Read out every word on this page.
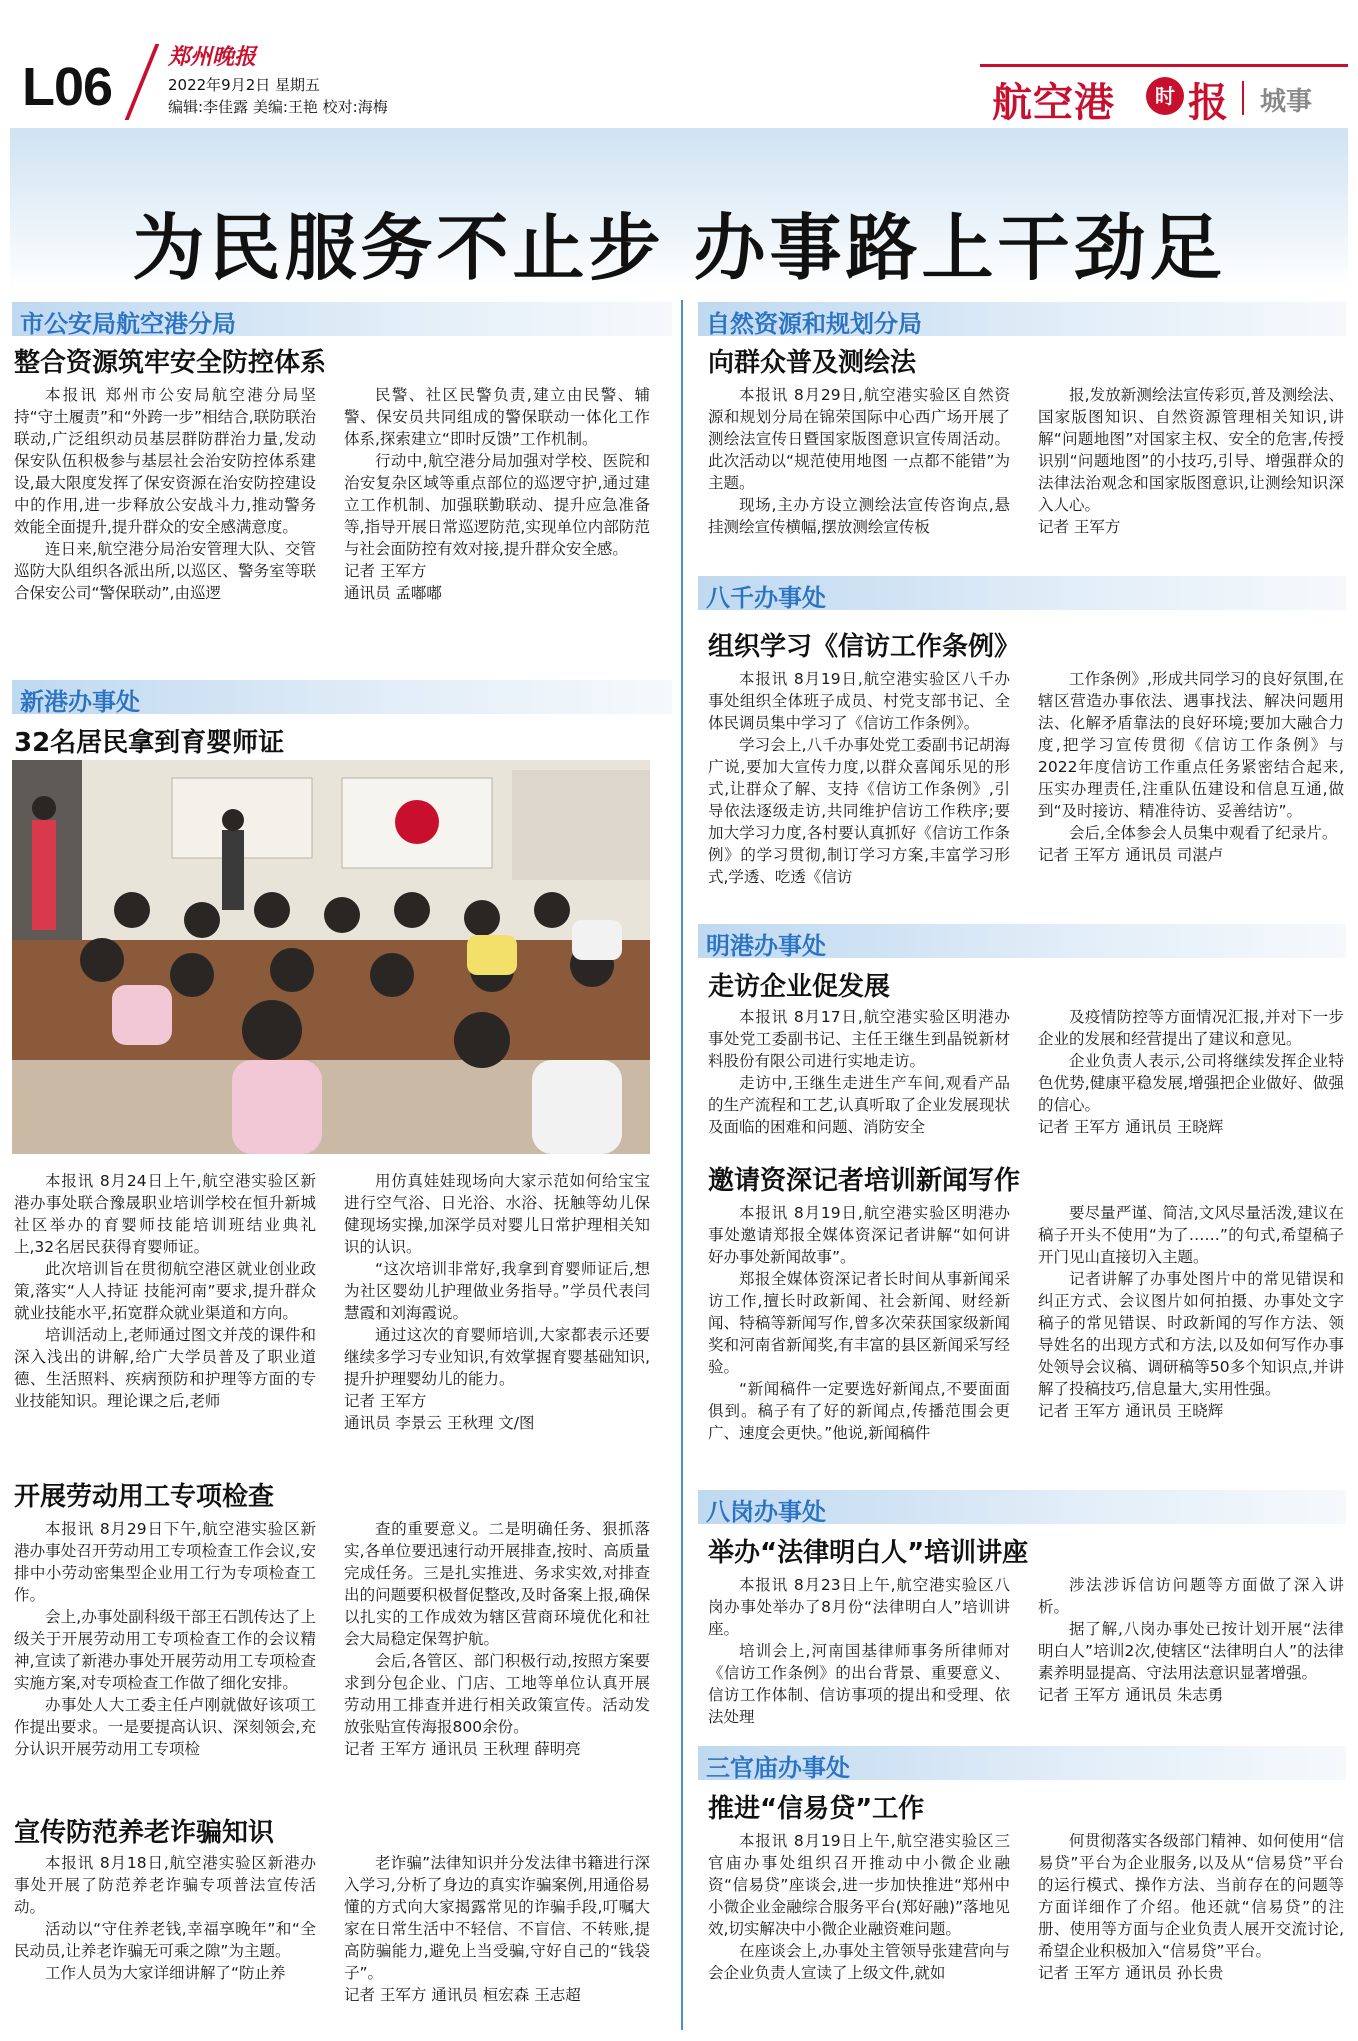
L06	郑州晚报
2022年9月2日 星期五
编辑:李佳露 美编:王艳 校对:海梅	航空港	时 报 城事
为民服务不止步 办事路上干劲足
市公安局航空港分局
整合资源筑牢安全防控体系
本报讯 郑州市公安局航空港分局坚持“守土履责”和“外跨一步”相结合,联防联治联动,广泛组织动员基层群防群治力量,发动保安队伍积极参与基层社会治安防控体系建设,最大限度发挥了保安资源在治安防控建设中的作用,进一步释放公安战斗力,推动警务效能全面提升,提升群众的安全感满意度。
连日来,航空港分局治安管理大队、交管巡防大队组织各派出所,以巡区、警务室等联合保安公司“警保联动”,由巡逻
民警、社区民警负责,建立由民警、辅警、保安员共同组成的警保联动一体化工作体系,探索建立“即时反馈”工作机制。
行动中,航空港分局加强对学校、医院和治安复杂区域等重点部位的巡逻守护,通过建立工作机制、加强联勤联动、提升应急准备等,指导开展日常巡逻防范,实现单位内部防范与社会面防控有效对接,提升群众安全感。
记者 王军方
通讯员 孟嘟嘟
新港办事处
32名居民拿到育婴师证
本报讯 8月24日上午,航空港实验区新港办事处联合豫晟职业培训学校在恒升新城社区举办的育婴师技能培训班结业典礼上,32名居民获得育婴师证。
此次培训旨在贯彻航空港区就业创业政策,落实“人人持证 技能河南”要求,提升群众就业技能水平,拓宽群众就业渠道和方向。
培训活动上,老师通过图文并茂的课件和深入浅出的讲解,给广大学员普及了职业道德、生活照料、疾病预防和护理等方面的专业技能知识。理论课之后,老师
用仿真娃娃现场向大家示范如何给宝宝进行空气浴、日光浴、水浴、抚触等幼儿保健现场实操,加深学员对婴儿日常护理相关知识的认识。
“这次培训非常好,我拿到育婴师证后,想为社区婴幼儿护理做业务指导。”学员代表闫慧霞和刘海霞说。
通过这次的育婴师培训,大家都表示还要继续多学习专业知识,有效掌握育婴基础知识,提升护理婴幼儿的能力。
记者 王军方
通讯员 李景云 王秋理 文/图
开展劳动用工专项检查
本报讯 8月29日下午,航空港实验区新港办事处召开劳动用工专项检查工作会议,安排中小劳动密集型企业用工行为专项检查工作。
会上,办事处副科级干部王石凯传达了上级关于开展劳动用工专项检查工作的会议精神,宣读了新港办事处开展劳动用工专项检查实施方案,对专项检查工作做了细化安排。
办事处人大工委主任卢刚就做好该项工作提出要求。一是要提高认识、深刻领会,充分认识开展劳动用工专项检
查的重要意义。二是明确任务、狠抓落实,各单位要迅速行动开展排查,按时、高质量完成任务。三是扎实推进、务求实效,对排查出的问题要积极督促整改,及时备案上报,确保以扎实的工作成效为辖区营商环境优化和社会大局稳定保驾护航。
会后,各管区、部门积极行动,按照方案要求到分包企业、门店、工地等单位认真开展劳动用工排查并进行相关政策宣传。活动发放张贴宣传海报800余份。
记者 王军方 通讯员 王秋理 薛明亮
宣传防范养老诈骗知识
本报讯 8月18日,航空港实验区新港办事处开展了防范养老诈骗专项普法宣传活动。
活动以“守住养老钱,幸福享晚年”和“全民动员,让养老诈骗无可乘之隙”为主题。
工作人员为大家详细讲解了“防止养
老诈骗”法律知识并分发法律书籍进行深入学习,分析了身边的真实诈骗案例,用通俗易懂的方式向大家揭露常见的诈骗手段,叮嘱大家在日常生活中不轻信、不盲信、不转账,提高防骗能力,避免上当受骗,守好自己的“钱袋子”。
记者 王军方 通讯员 桓宏森 王志超
自然资源和规划分局
向群众普及测绘法
本报讯 8月29日,航空港实验区自然资源和规划分局在锦荣国际中心西广场开展了测绘法宣传日暨国家版图意识宣传周活动。此次活动以“规范使用地图 一点都不能错”为主题。
现场,主办方设立测绘法宣传咨询点,悬挂测绘宣传横幅,摆放测绘宣传板
报,发放新测绘法宣传彩页,普及测绘法、国家版图知识、自然资源管理相关知识,讲解“问题地图”对国家主权、安全的危害,传授识别“问题地图”的小技巧,引导、增强群众的法律法治观念和国家版图意识,让测绘知识深入人心。
记者 王军方
八千办事处
组织学习《信访工作条例》
本报讯 8月19日,航空港实验区八千办事处组织全体班子成员、村党支部书记、全体民调员集中学习了《信访工作条例》。
学习会上,八千办事处党工委副书记胡海广说,要加大宣传力度,以群众喜闻乐见的形式,让群众了解、支持《信访工作条例》,引导依法逐级走访,共同维护信访工作秩序;要加大学习力度,各村要认真抓好《信访工作条例》的学习贯彻,制订学习方案,丰富学习形式,学透、吃透《信访
工作条例》,形成共同学习的良好氛围,在辖区营造办事依法、遇事找法、解决问题用法、化解矛盾靠法的良好环境;要加大融合力度,把学习宣传贯彻《信访工作条例》与2022年度信访工作重点任务紧密结合起来,压实办理责任,注重队伍建设和信息互通,做到“及时接访、精准待访、妥善结访”。
会后,全体参会人员集中观看了纪录片。
记者 王军方 通讯员 司湛卢
明港办事处
走访企业促发展
本报讯 8月17日,航空港实验区明港办事处党工委副书记、主任王继生到晶锐新材料股份有限公司进行实地走访。
走访中,王继生走进生产车间,观看产品的生产流程和工艺,认真听取了企业发展现状及面临的困难和问题、消防安全
及疫情防控等方面情况汇报,并对下一步企业的发展和经营提出了建议和意见。
企业负责人表示,公司将继续发挥企业特色优势,健康平稳发展,增强把企业做好、做强的信心。
记者 王军方 通讯员 王晓辉
邀请资深记者培训新闻写作
本报讯 8月19日,航空港实验区明港办事处邀请郑报全媒体资深记者讲解“如何讲好办事处新闻故事”。
郑报全媒体资深记者长时间从事新闻采访工作,擅长时政新闻、社会新闻、财经新闻、特稿等新闻写作,曾多次荣获国家级新闻奖和河南省新闻奖,有丰富的县区新闻采写经验。
“新闻稿件一定要选好新闻点,不要面面俱到。稿子有了好的新闻点,传播范围会更广、速度会更快。”他说,新闻稿件
要尽量严谨、简洁,文风尽量活泼,建议在稿子开头不使用“为了……”的句式,希望稿子开门见山直接切入主题。
记者讲解了办事处图片中的常见错误和纠正方式、会议图片如何拍摄、办事处文字稿子的常见错误、时政新闻的写作方法、领导姓名的出现方式和方法,以及如何写作办事处领导会议稿、调研稿等50多个知识点,并讲解了投稿技巧,信息量大,实用性强。
记者 王军方 通讯员 王晓辉
八岗办事处
举办“法律明白人”培训讲座
本报讯 8月23日上午,航空港实验区八岗办事处举办了8月份“法律明白人”培训讲座。
培训会上,河南国基律师事务所律师对《信访工作条例》的出台背景、重要意义、信访工作体制、信访事项的提出和受理、依法处理
涉法涉诉信访问题等方面做了深入讲析。
据了解,八岗办事处已按计划开展“法律明白人”培训2次,使辖区“法律明白人”的法律素养明显提高、守法用法意识显著增强。
记者 王军方 通讯员 朱志勇
三官庙办事处
推进“信易贷”工作
本报讯 8月19日上午,航空港实验区三官庙办事处组织召开推动中小微企业融资“信易贷”座谈会,进一步加快推进“郑州中小微企业金融综合服务平台(郑好融)”落地见效,切实解决中小微企业融资难问题。
在座谈会上,办事处主管领导张建营向与会企业负责人宣读了上级文件,就如
何贯彻落实各级部门精神、如何使用“信易贷”平台为企业服务,以及从“信易贷”平台的运行模式、操作方法、当前存在的问题等方面详细作了介绍。他还就“信易贷”的注册、使用等方面与企业负责人展开交流讨论,希望企业积极加入“信易贷”平台。
记者 王军方 通讯员 孙长贵
